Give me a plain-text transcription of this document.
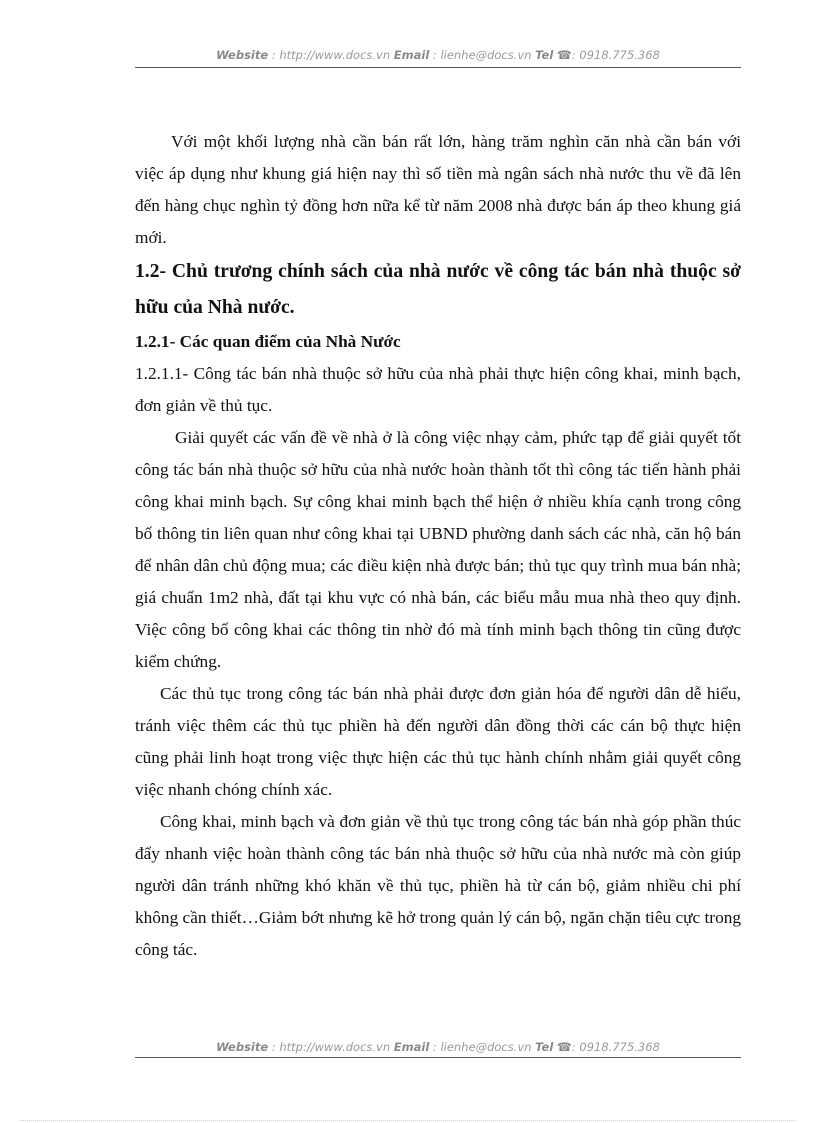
Website : http://www.docs.vn Email : lienhe@docs.vn Tel ☎: 0918.775.368

Với một khối lượng nhà cần bán rất lớn, hàng trăm nghìn căn nhà cần bán với việc áp dụng như khung giá hiện nay thì số tiền mà ngân sách nhà nước thu về đã lên đến hàng chục nghìn tỷ đồng hơn nữa kể từ năm 2008 nhà được bán áp theo khung giá mới.

1.2- Chủ trương chính sách của nhà nước về công tác bán nhà thuộc sở hữu của Nhà nước.

1.2.1- Các quan điểm của Nhà Nước

1.2.1.1- Công tác bán nhà thuộc sở hữu của nhà phải thực hiện công khai, minh bạch, đơn giản về thủ tục.

Giải quyết các vấn đề về nhà ở là công việc nhạy cảm, phức tạp để giải quyết tốt công tác bán nhà thuộc sở hữu của nhà nước hoàn thành tốt thì công tác tiến hành phải công khai minh bạch. Sự công khai minh bạch thể hiện ở nhiều khía cạnh trong công bố thông tin liên quan như công khai tại UBND phường danh sách các nhà, căn hộ bán để nhân dân chủ động mua; các điều kiện nhà được bán; thủ tục quy trình mua bán nhà; giá chuẩn 1m2 nhà, đất tại khu vực có nhà bán, các biểu mẫu mua nhà theo quy định. Việc công bố công khai các thông tin nhờ đó mà tính minh bạch thông tin cũng được kiểm chứng.

Các thủ tục trong công tác bán nhà phải được đơn giản hóa để người dân dễ hiểu, tránh việc thêm các thủ tục phiền hà đến người dân đồng thời các cán bộ thực hiện cũng phải linh hoạt trong việc thực hiện các thủ tục hành chính nhằm giải quyết công việc nhanh chóng chính xác.

Công khai, minh bạch và đơn giản về thủ tục trong công tác bán nhà góp phần thúc đẩy nhanh việc hoàn thành công tác bán nhà thuộc sở hữu của nhà nước mà còn giúp người dân tránh những khó khăn về thủ tục, phiền hà từ cán bộ, giảm nhiều chi phí không cần thiết…Giảm bớt nhưng kẽ hở trong quản lý cán bộ, ngăn chặn tiêu cực trong công tác.

Website : http://www.docs.vn Email : lienhe@docs.vn Tel ☎: 0918.775.368
